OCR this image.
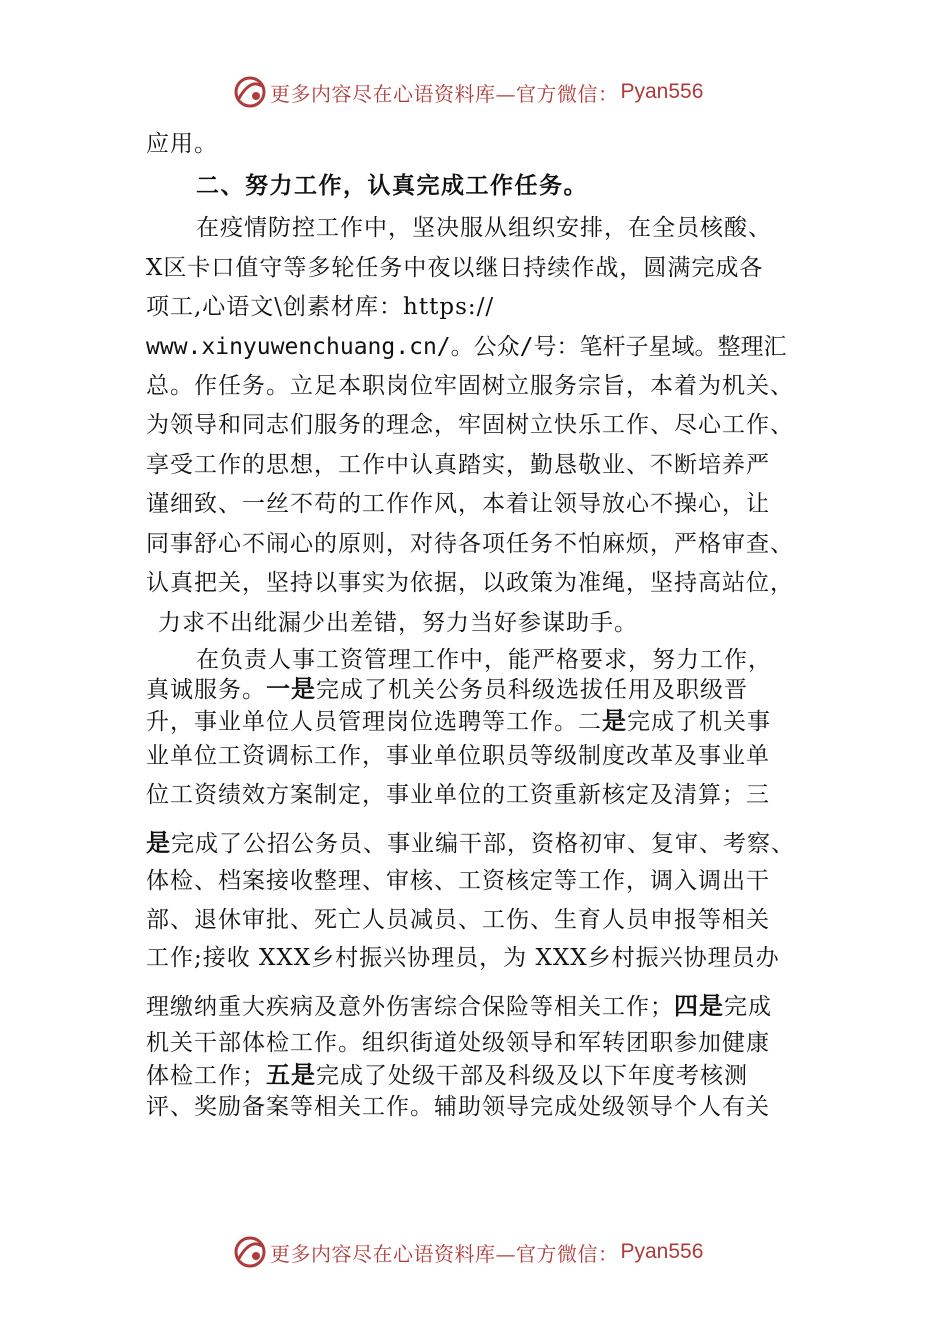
更多内容尽在心语资料库—官方微信： Pyan556

应用。

二、努力工作，认真完成工作任务。

在疫情防控工作中，坚决服从组织安排，在全员核酸、

X区卡口值守等多轮任务中夜以继日持续作战，圆满完成各

项工,心语文\创素材库：https://

www.xinyuwenchuang.cn/。公众/号：笔杆子星域。整理汇

总。作任务。立足本职岗位牢固树立服务宗旨，本着为机关、

为领导和同志们服务的理念，牢固树立快乐工作、尽心工作、

享受工作的思想，工作中认真踏实，勤恳敬业、不断培养严

谨细致、一丝不苟的工作作风，本着让领导放心不操心，让

同事舒心不闹心的原则，对待各项任务不怕麻烦，严格审查、

认真把关，坚持以事实为依据，以政策为准绳，坚持高站位，

力求不出纰漏少出差错，努力当好参谋助手。

在负责人事工资管理工作中，能严格要求，努力工作，

真诚服务。一是完成了机关公务员科级选拔任用及职级晋

升，事业单位人员管理岗位选聘等工作。二是完成了机关事

业单位工资调标工作，事业单位职员等级制度改革及事业单

位工资绩效方案制定，事业单位的工资重新核定及清算；三

是完成了公招公务员、事业编干部，资格初审、复审、考察、

体检、档案接收整理、审核、工资核定等工作，调入调出干

部、退休审批、死亡人员减员、工伤、生育人员申报等相关

工作;接收 XXX乡村振兴协理员，为 XXX乡村振兴协理员办

理缴纳重大疾病及意外伤害综合保险等相关工作；四是完成

机关干部体检工作。组织街道处级领导和军转团职参加健康

体检工作；五是完成了处级干部及科级及以下年度考核测

评、奖励备案等相关工作。辅助领导完成处级领导个人有关

更多内容尽在心语资料库—官方微信： Pyan556
